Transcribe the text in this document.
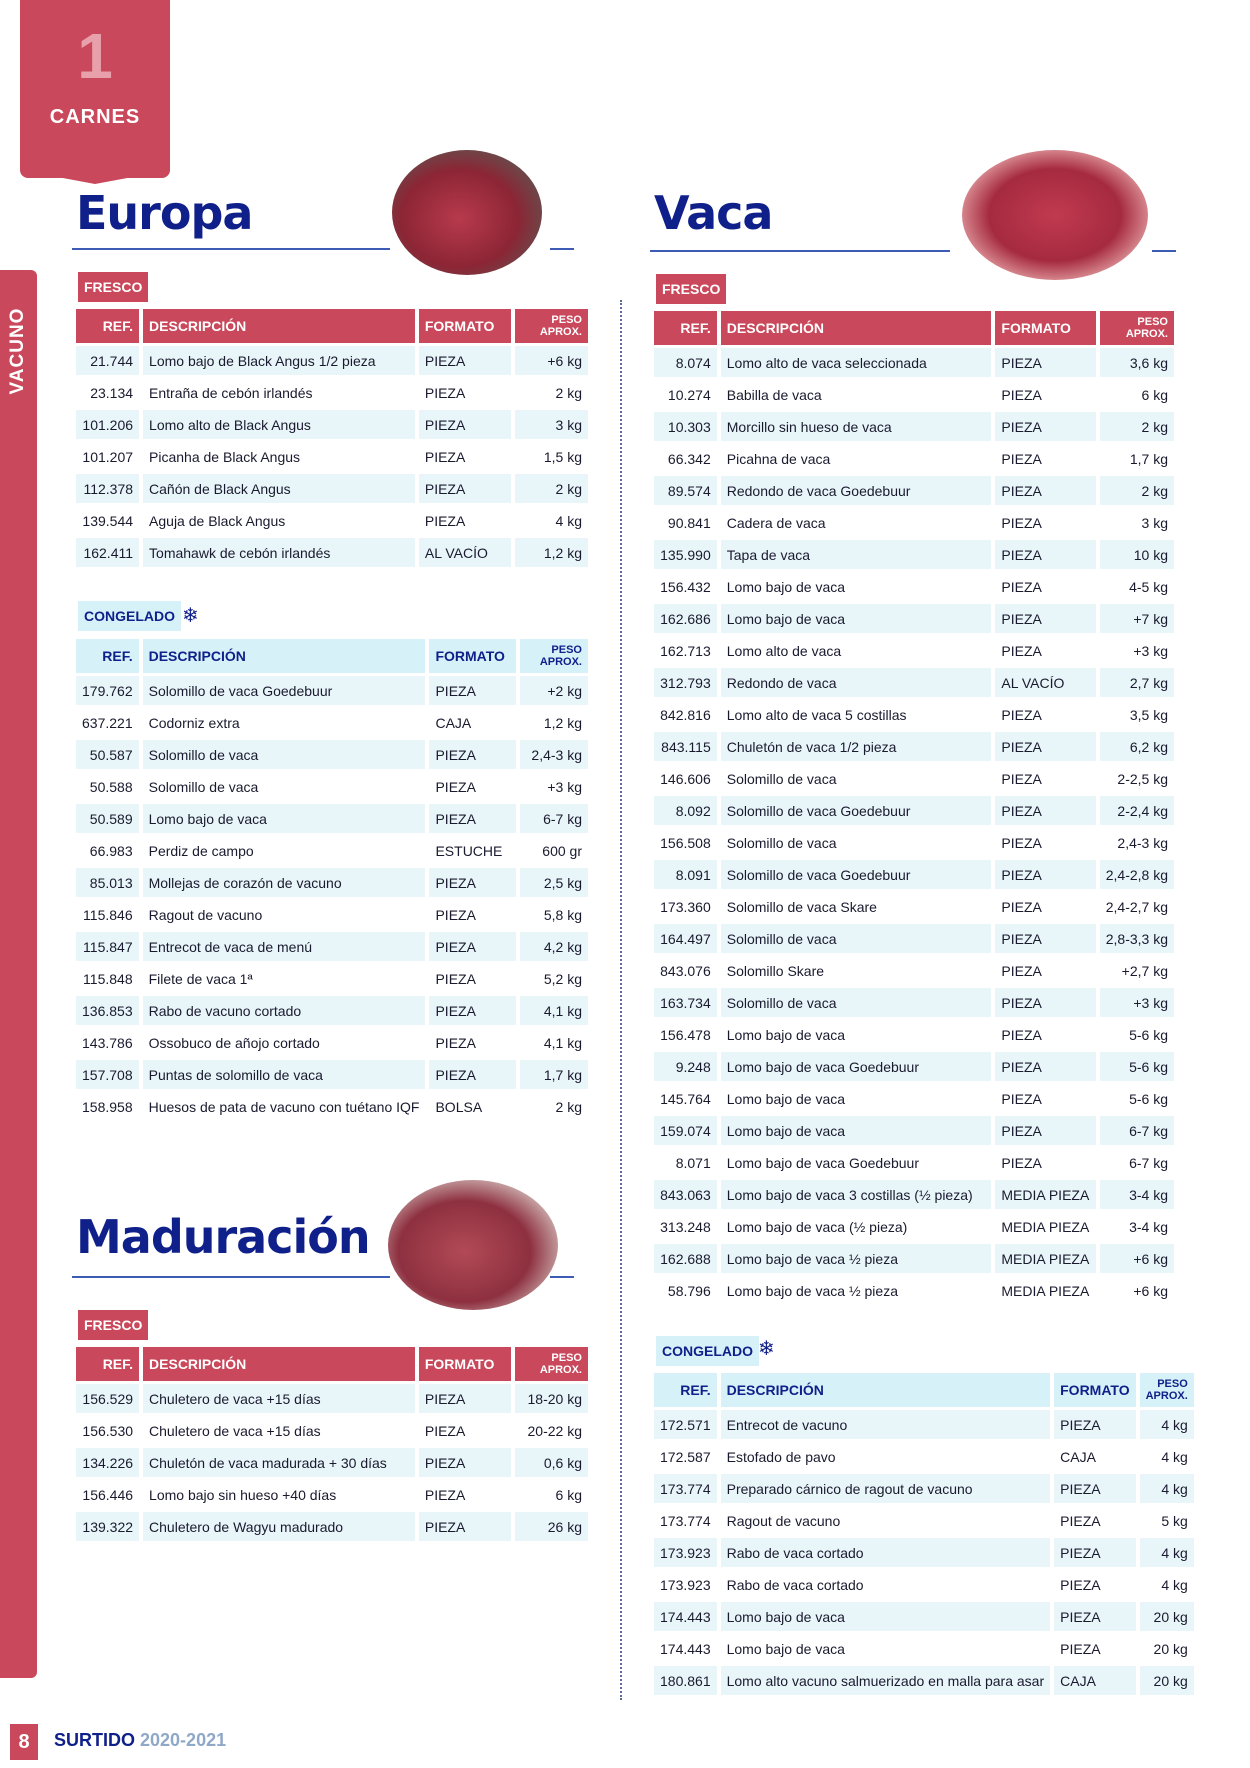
1
CARNES
VACUNO
Europa
FRESCO
REF.	DESCRIPCIÓN	FORMATO	PESO
APROX.
21.744	Lomo bajo de Black Angus 1/2 pieza	PIEZA	+6 kg
23.134	Entraña de cebón irlandés	PIEZA	2 kg
101.206	Lomo alto de Black Angus	PIEZA	3 kg
101.207	Picanha de Black Angus	PIEZA	1,5 kg
112.378	Cañón de Black Angus	PIEZA	2 kg
139.544	Aguja de Black Angus	PIEZA	4 kg
162.411	Tomahawk de cebón irlandés	AL VACÍO	1,2 kg
CONGELADO ❄
REF.	DESCRIPCIÓN	FORMATO	PESO
APROX.
179.762	Solomillo de vaca Goedebuur	PIEZA	+2 kg
637.221	Codorniz extra	CAJA	1,2 kg
50.587	Solomillo de vaca	PIEZA	2,4-3 kg
50.588	Solomillo de vaca	PIEZA	+3 kg
50.589	Lomo bajo de vaca	PIEZA	6-7 kg
66.983	Perdiz de campo	ESTUCHE	600 gr
85.013	Mollejas de corazón de vacuno	PIEZA	2,5 kg
115.846	Ragout de vacuno	PIEZA	5,8 kg
115.847	Entrecot de vaca de menú	PIEZA	4,2 kg
115.848	Filete de vaca 1ª	PIEZA	5,2 kg
136.853	Rabo de vacuno cortado	PIEZA	4,1 kg
143.786	Ossobuco de añojo cortado	PIEZA	4,1 kg
157.708	Puntas de solomillo de vaca	PIEZA	1,7 kg
158.958	Huesos de pata de vacuno con tuétano IQF	BOLSA	2 kg
Maduración
FRESCO
REF.	DESCRIPCIÓN	FORMATO	PESO
APROX.
156.529	Chuletero de vaca +15 días	PIEZA	18-20 kg
156.530	Chuletero de vaca +15 días	PIEZA	20-22 kg
134.226	Chuletón de vaca madurada + 30 días	PIEZA	0,6 kg
156.446	Lomo bajo sin hueso +40 días	PIEZA	6 kg
139.322	Chuletero de Wagyu madurado	PIEZA	26 kg
Vaca
FRESCO
REF.	DESCRIPCIÓN	FORMATO	PESO
APROX.
8.074	Lomo alto de vaca seleccionada	PIEZA	3,6 kg
10.274	Babilla de vaca	PIEZA	6 kg
10.303	Morcillo sin hueso de vaca	PIEZA	2 kg
66.342	Picahna de vaca	PIEZA	1,7 kg
89.574	Redondo de vaca Goedebuur	PIEZA	2 kg
90.841	Cadera de vaca	PIEZA	3 kg
135.990	Tapa de vaca	PIEZA	10 kg
156.432	Lomo bajo de vaca	PIEZA	4-5 kg
162.686	Lomo bajo de vaca	PIEZA	+7 kg
162.713	Lomo alto de vaca	PIEZA	+3 kg
312.793	Redondo de vaca	AL VACÍO	2,7 kg
842.816	Lomo alto de vaca 5 costillas	PIEZA	3,5 kg
843.115	Chuletón de vaca 1/2 pieza	PIEZA	6,2 kg
146.606	Solomillo de vaca	PIEZA	2-2,5 kg
8.092	Solomillo de vaca Goedebuur	PIEZA	2-2,4 kg
156.508	Solomillo de vaca	PIEZA	2,4-3 kg
8.091	Solomillo de vaca Goedebuur	PIEZA	2,4-2,8 kg
173.360	Solomillo de vaca Skare	PIEZA	2,4-2,7 kg
164.497	Solomillo de vaca	PIEZA	2,8-3,3 kg
843.076	Solomillo Skare	PIEZA	+2,7 kg
163.734	Solomillo de vaca	PIEZA	+3 kg
156.478	Lomo bajo de vaca	PIEZA	5-6 kg
9.248	Lomo bajo de vaca Goedebuur	PIEZA	5-6 kg
145.764	Lomo bajo de vaca	PIEZA	5-6 kg
159.074	Lomo bajo de vaca	PIEZA	6-7 kg
8.071	Lomo bajo de vaca Goedebuur	PIEZA	6-7 kg
843.063	Lomo bajo de vaca 3 costillas (½ pieza)	MEDIA PIEZA	3-4 kg
313.248	Lomo bajo de vaca (½ pieza)	MEDIA PIEZA	3-4 kg
162.688	Lomo bajo de vaca ½ pieza	MEDIA PIEZA	+6 kg
58.796	Lomo bajo de vaca ½ pieza	MEDIA PIEZA	+6 kg
CONGELADO ❄
REF.	DESCRIPCIÓN	FORMATO	PESO
APROX.
172.571	Entrecot de vacuno	PIEZA	4 kg
172.587	Estofado de pavo	CAJA	4 kg
173.774	Preparado cárnico de ragout de vacuno	PIEZA	4 kg
173.774	Ragout de vacuno	PIEZA	5 kg
173.923	Rabo de vaca cortado	PIEZA	4 kg
173.923	Rabo de vaca cortado	PIEZA	4 kg
174.443	Lomo bajo de vaca	PIEZA	20 kg
174.443	Lomo bajo de vaca	PIEZA	20 kg
180.861	Lomo alto vacuno salmuerizado en malla para asar	CAJA	20 kg
8	SURTIDO 2020-2021
